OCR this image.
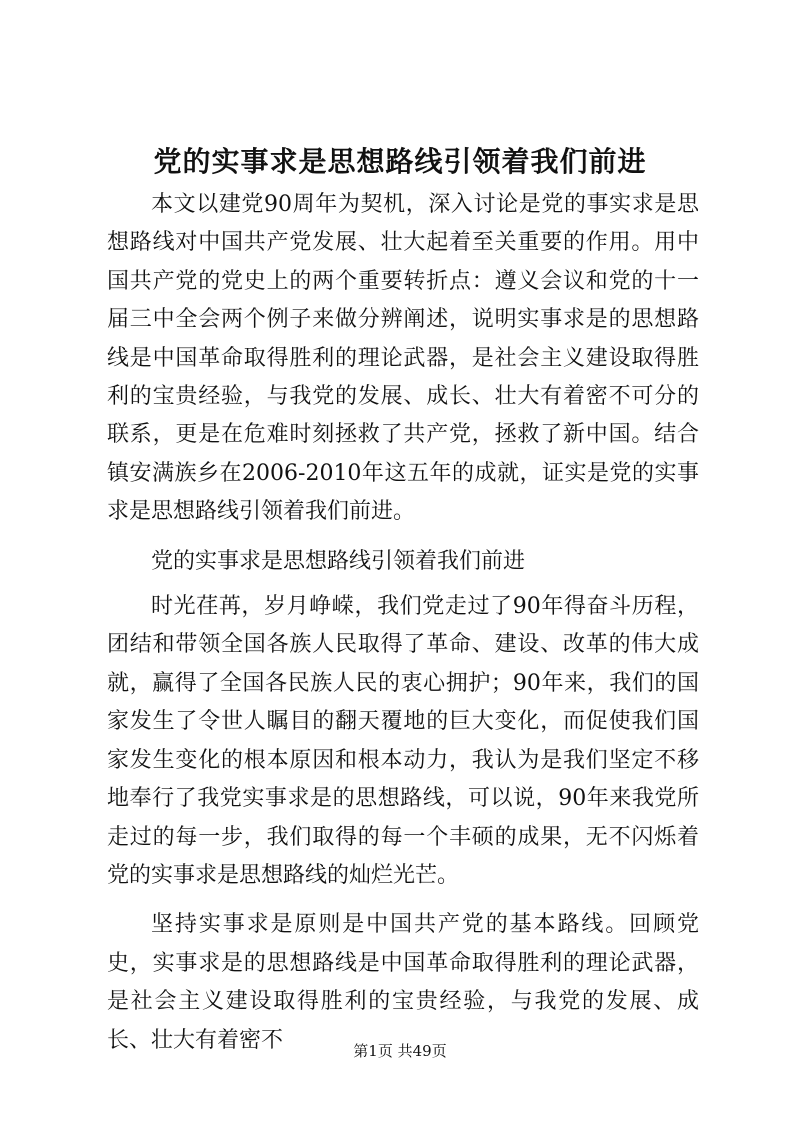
党的实事求是思想路线引领着我们前进

本文以建党90周年为契机，深入讨论是党的事实求是思想路线对中国共产党发展、壮大起着至关重要的作用。用中国共产党的党史上的两个重要转折点：遵义会议和党的十一届三中全会两个例子来做分辨阐述，说明实事求是的思想路线是中国革命取得胜利的理论武器，是社会主义建设取得胜利的宝贵经验，与我党的发展、成长、壮大有着密不可分的联系，更是在危难时刻拯救了共产党，拯救了新中国。结合镇安满族乡在2006-2010年这五年的成就，证实是党的实事求是思想路线引领着我们前进。

党的实事求是思想路线引领着我们前进

时光荏苒，岁月峥嵘，我们党走过了90年得奋斗历程，团结和带领全国各族人民取得了革命、建设、改革的伟大成就，赢得了全国各民族人民的衷心拥护；90年来，我们的国家发生了令世人瞩目的翻天覆地的巨大变化，而促使我们国家发生变化的根本原因和根本动力，我认为是我们坚定不移地奉行了我党实事求是的思想路线，可以说，90年来我党所走过的每一步，我们取得的每一个丰硕的成果，无不闪烁着党的实事求是思想路线的灿烂光芒。

坚持实事求是原则是中国共产党的基本路线。回顾党史，实事求是的思想路线是中国革命取得胜利的理论武器，是社会主义建设取得胜利的宝贵经验，与我党的发展、成长、壮大有着密不	第1页 共49页
